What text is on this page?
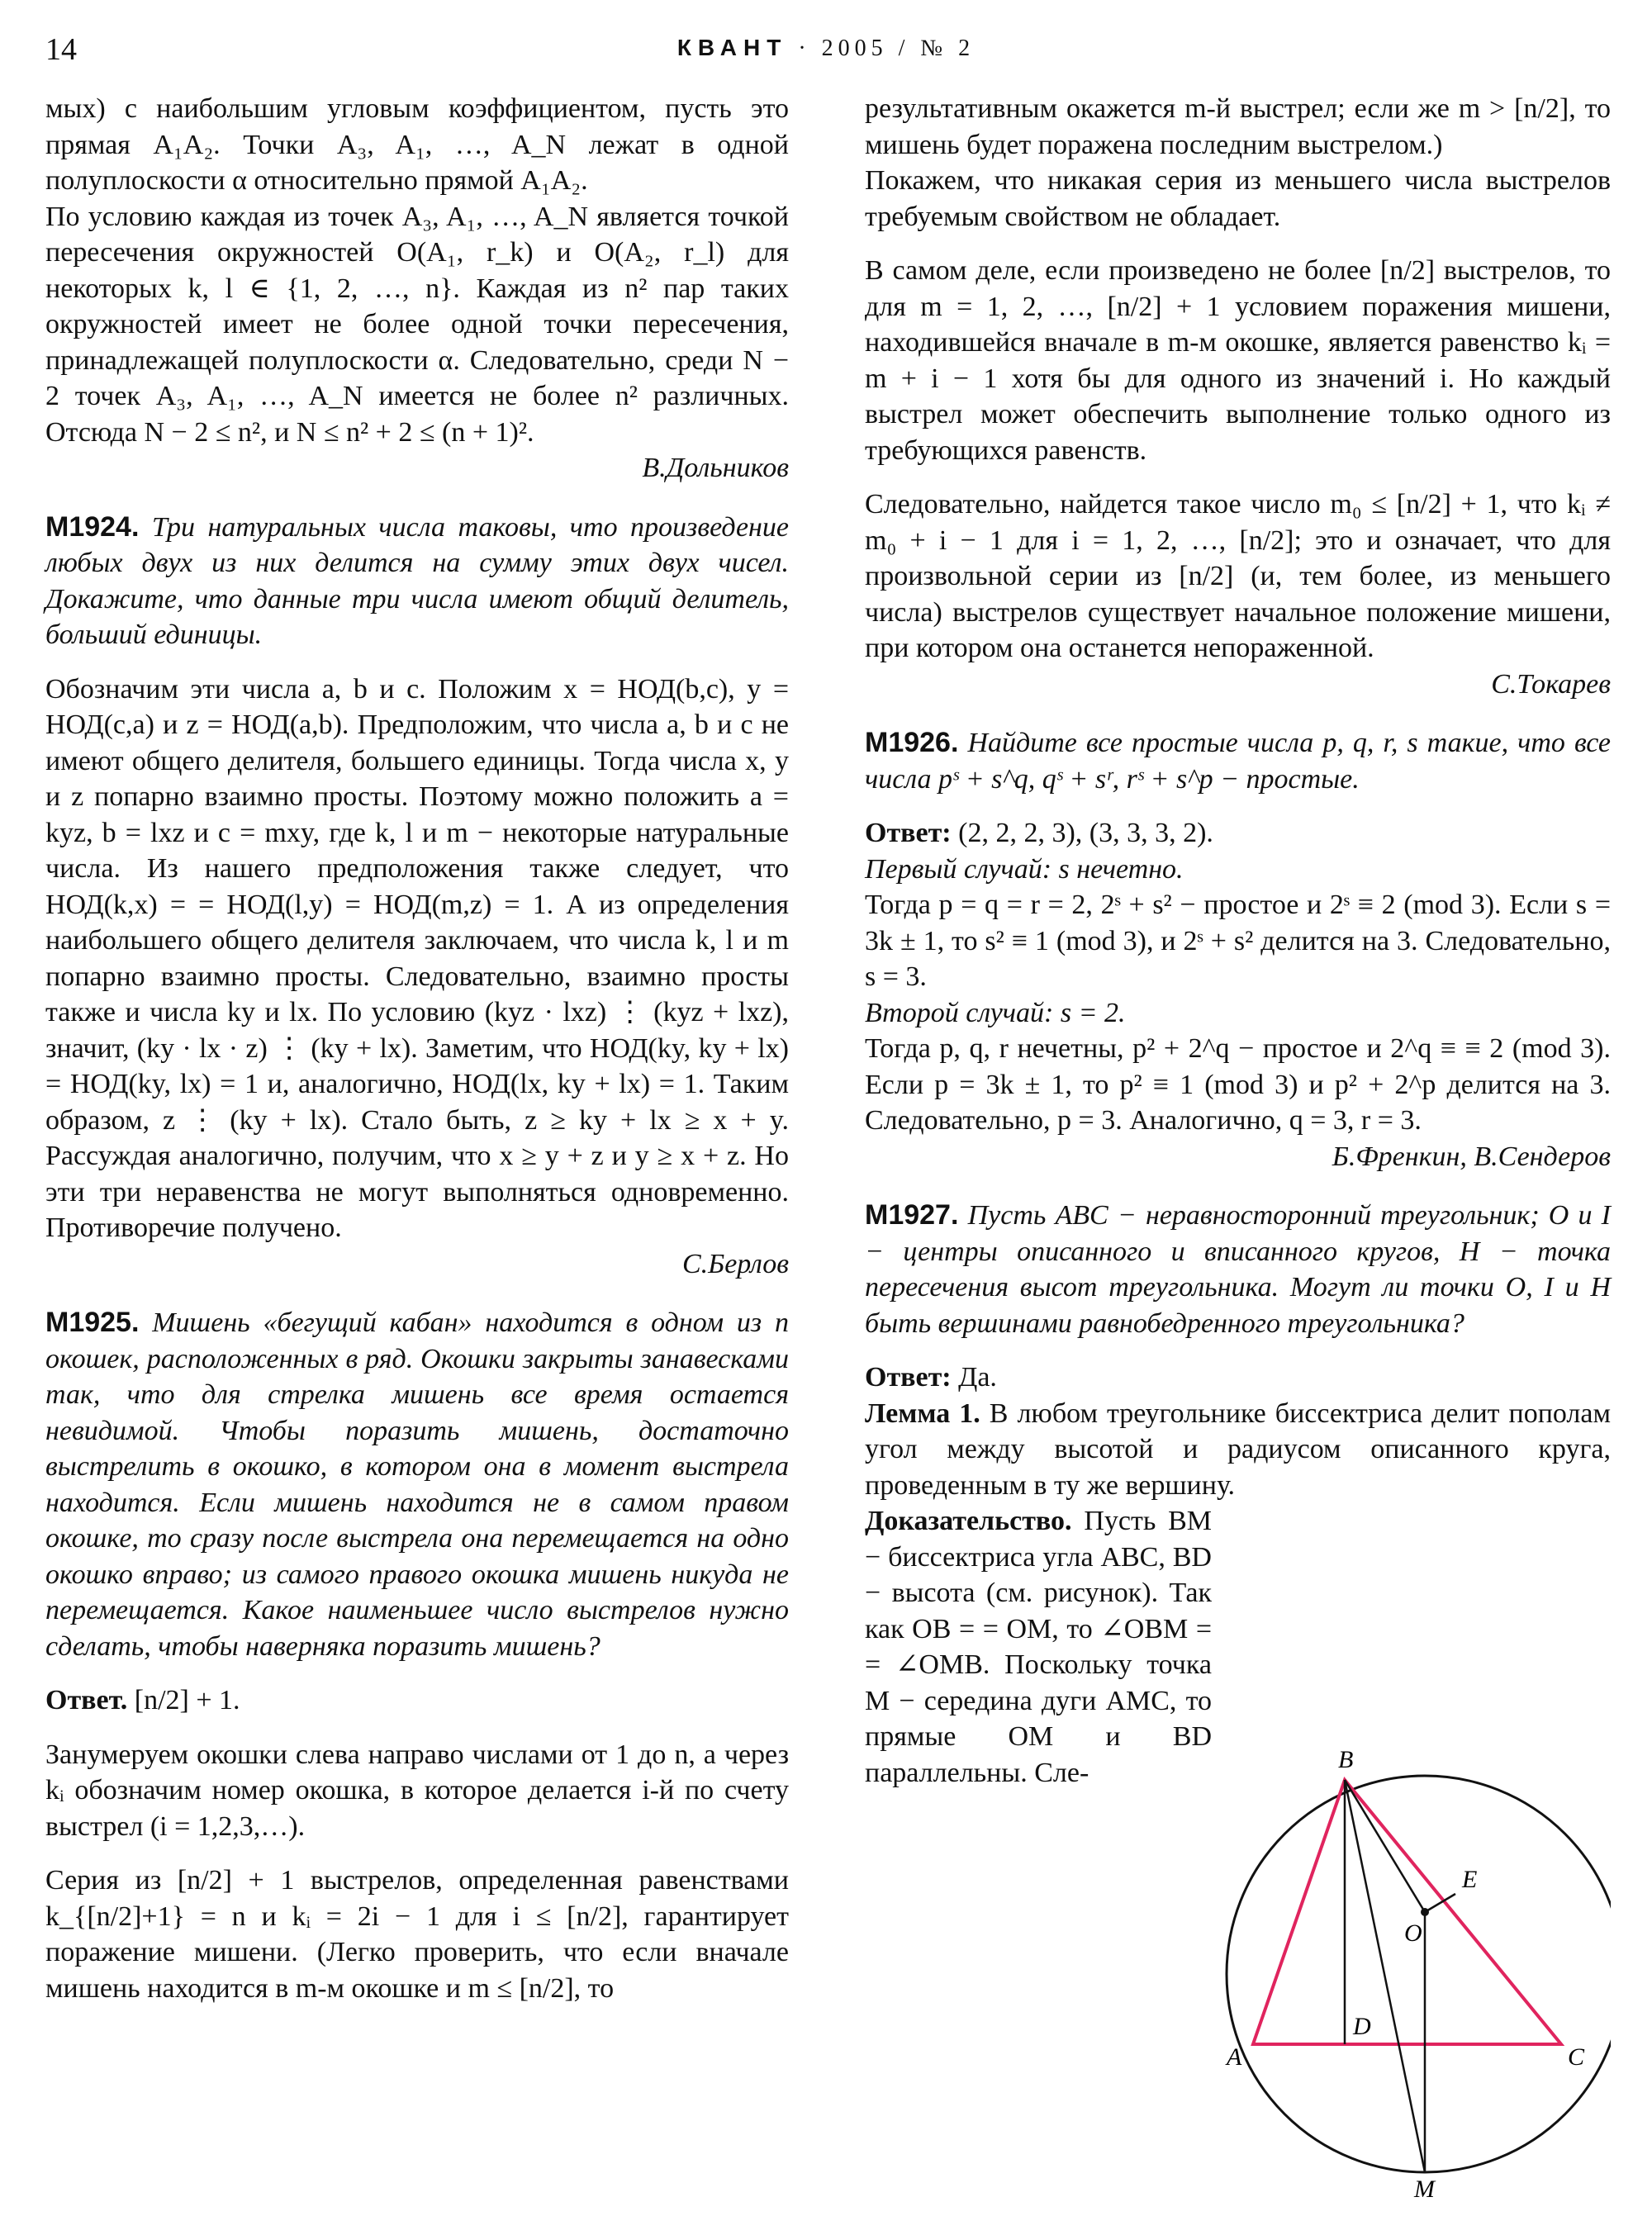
14	КВАНТ · 2005 / № 2

мых) с наибольшим угловым коэффициентом, пусть это прямая A₁A₂. Точки A₃, A₁, …, A_N лежат в одной полуплоскости α относительно прямой A₁A₂.

По условию каждая из точек A₃, A₁, …, A_N является точкой пересечения окружностей O(A₁, r_k) и O(A₂, r_l) для некоторых k, l ∈ {1, 2, …, n}. Каждая из n² пар таких окружностей имеет не более одной точки пересечения, принадлежащей полуплоскости α. Следовательно, среди N − 2 точек A₃, A₁, …, A_N имеется не более n² различных. Отсюда N − 2 ≤ n², и N ≤ n² + 2 ≤ (n + 1)².

В.Дольников

М1924. Три натуральных числа таковы, что произведение любых двух из них делится на сумму этих двух чисел. Докажите, что данные три числа имеют общий делитель, больший единицы.

Обозначим эти числа a, b и c. Положим x = НОД(b,c), y = НОД(c,a) и z = НОД(a,b). Предположим, что числа a, b и c не имеют общего делителя, большего единицы. Тогда числа x, y и z попарно взаимно просты. Поэтому можно положить a = kyz, b = lxz и c = mxy, где k, l и m − некоторые натуральные числа. Из нашего предположения также следует, что НОД(k,x) = = НОД(l,y) = НОД(m,z) = 1. А из определения наибольшего общего делителя заключаем, что числа k, l и m попарно взаимно просты. Следовательно, взаимно просты также и числа ky и lx. По условию (kyz · lxz) ⋮ (kyz + lxz), значит, (ky · lx · z) ⋮ (ky + lx). Заметим, что НОД(ky, ky + lx) = НОД(ky, lx) = 1 и, аналогично, НОД(lx, ky + lx) = 1. Таким образом, z ⋮ (ky + lx). Стало быть, z ≥ ky + lx ≥ x + y. Рассуждая аналогично, получим, что x ≥ y + z и y ≥ x + z. Но эти три неравенства не могут выполняться одновременно. Противоречие получено.

С.Берлов

М1925. Мишень «бегущий кабан» находится в одном из n окошек, расположенных в ряд. Окошки закрыты занавесками так, что для стрелка мишень все время остается невидимой. Чтобы поразить мишень, достаточно выстрелить в окошко, в котором она в момент выстрела находится. Если мишень находится не в самом правом окошке, то сразу после выстрела она перемещается на одно окошко вправо; из самого правого окошка мишень никуда не перемещается. Какое наименьшее число выстрелов нужно сделать, чтобы наверняка поразить мишень?

Ответ. [n/2] + 1.

Занумеруем окошки слева направо числами от 1 до n, а через kᵢ обозначим номер окошка, в которое делается i-й по счету выстрел (i = 1,2,3,…).

Серия из [n/2] + 1 выстрелов, определенная равенствами k_{[n/2]+1} = n и kᵢ = 2i − 1 для i ≤ [n/2], гарантирует поражение мишени. (Легко проверить, что если вначале мишень находится в m-м окошке и m ≤ [n/2], то

результативным окажется m-й выстрел; если же m > [n/2], то мишень будет поражена последним выстрелом.)

Покажем, что никакая серия из меньшего числа выстрелов требуемым свойством не обладает.

В самом деле, если произведено не более [n/2] выстрелов, то для m = 1, 2, …, [n/2] + 1 условием поражения мишени, находившейся вначале в m-м окошке, является равенство kᵢ = m + i − 1 хотя бы для одного из значений i. Но каждый выстрел может обеспечить выполнение только одного из требующихся равенств.

Следовательно, найдется такое число m₀ ≤ [n/2] + 1, что kᵢ ≠ m₀ + i − 1 для i = 1, 2, …, [n/2]; это и означает, что для произвольной серии из [n/2] (и, тем более, из меньшего числа) выстрелов существует начальное положение мишени, при котором она останется непораженной.

С.Токарев

М1926. Найдите все простые числа p, q, r, s такие, что все числа pˢ + s^q, qˢ + sʳ, rˢ + s^p − простые.

Ответ: (2, 2, 2, 3), (3, 3, 3, 2).

Первый случай: s нечетно.

Тогда p = q = r = 2, 2ˢ + s² − простое и 2ˢ ≡ 2 (mod 3). Если s = 3k ± 1, то s² ≡ 1 (mod 3), и 2ˢ + s² делится на 3. Следовательно, s = 3.

Второй случай: s = 2.

Тогда p, q, r нечетны, p² + 2^q − простое и 2^q ≡ ≡ 2 (mod 3). Если p = 3k ± 1, то p² ≡ 1 (mod 3) и p² + 2^p делится на 3. Следовательно, p = 3. Аналогично, q = 3, r = 3.

Б.Френкин, В.Сендеров

М1927. Пусть ABC − неравносторонний треугольник; O и I − центры описанного и вписанного кругов, H − точка пересечения высот треугольника. Могут ли точки O, I и H быть вершинами равнобедренного треугольника?

Ответ: Да.

Лемма 1. В любом треугольнике биссектриса делит пополам угол между высотой и радиусом описанного круга, проведенным в ту же вершину.

Доказательство. Пусть BM − биссектриса угла ABC, BD − высота (см. рисунок). Так как OB = = OM, то ∠OBM = = ∠OMB. Поскольку точка M − середина дуги AMC, то прямые OM и BD параллельны. Сле-	B
E
O
D
A	C
M
